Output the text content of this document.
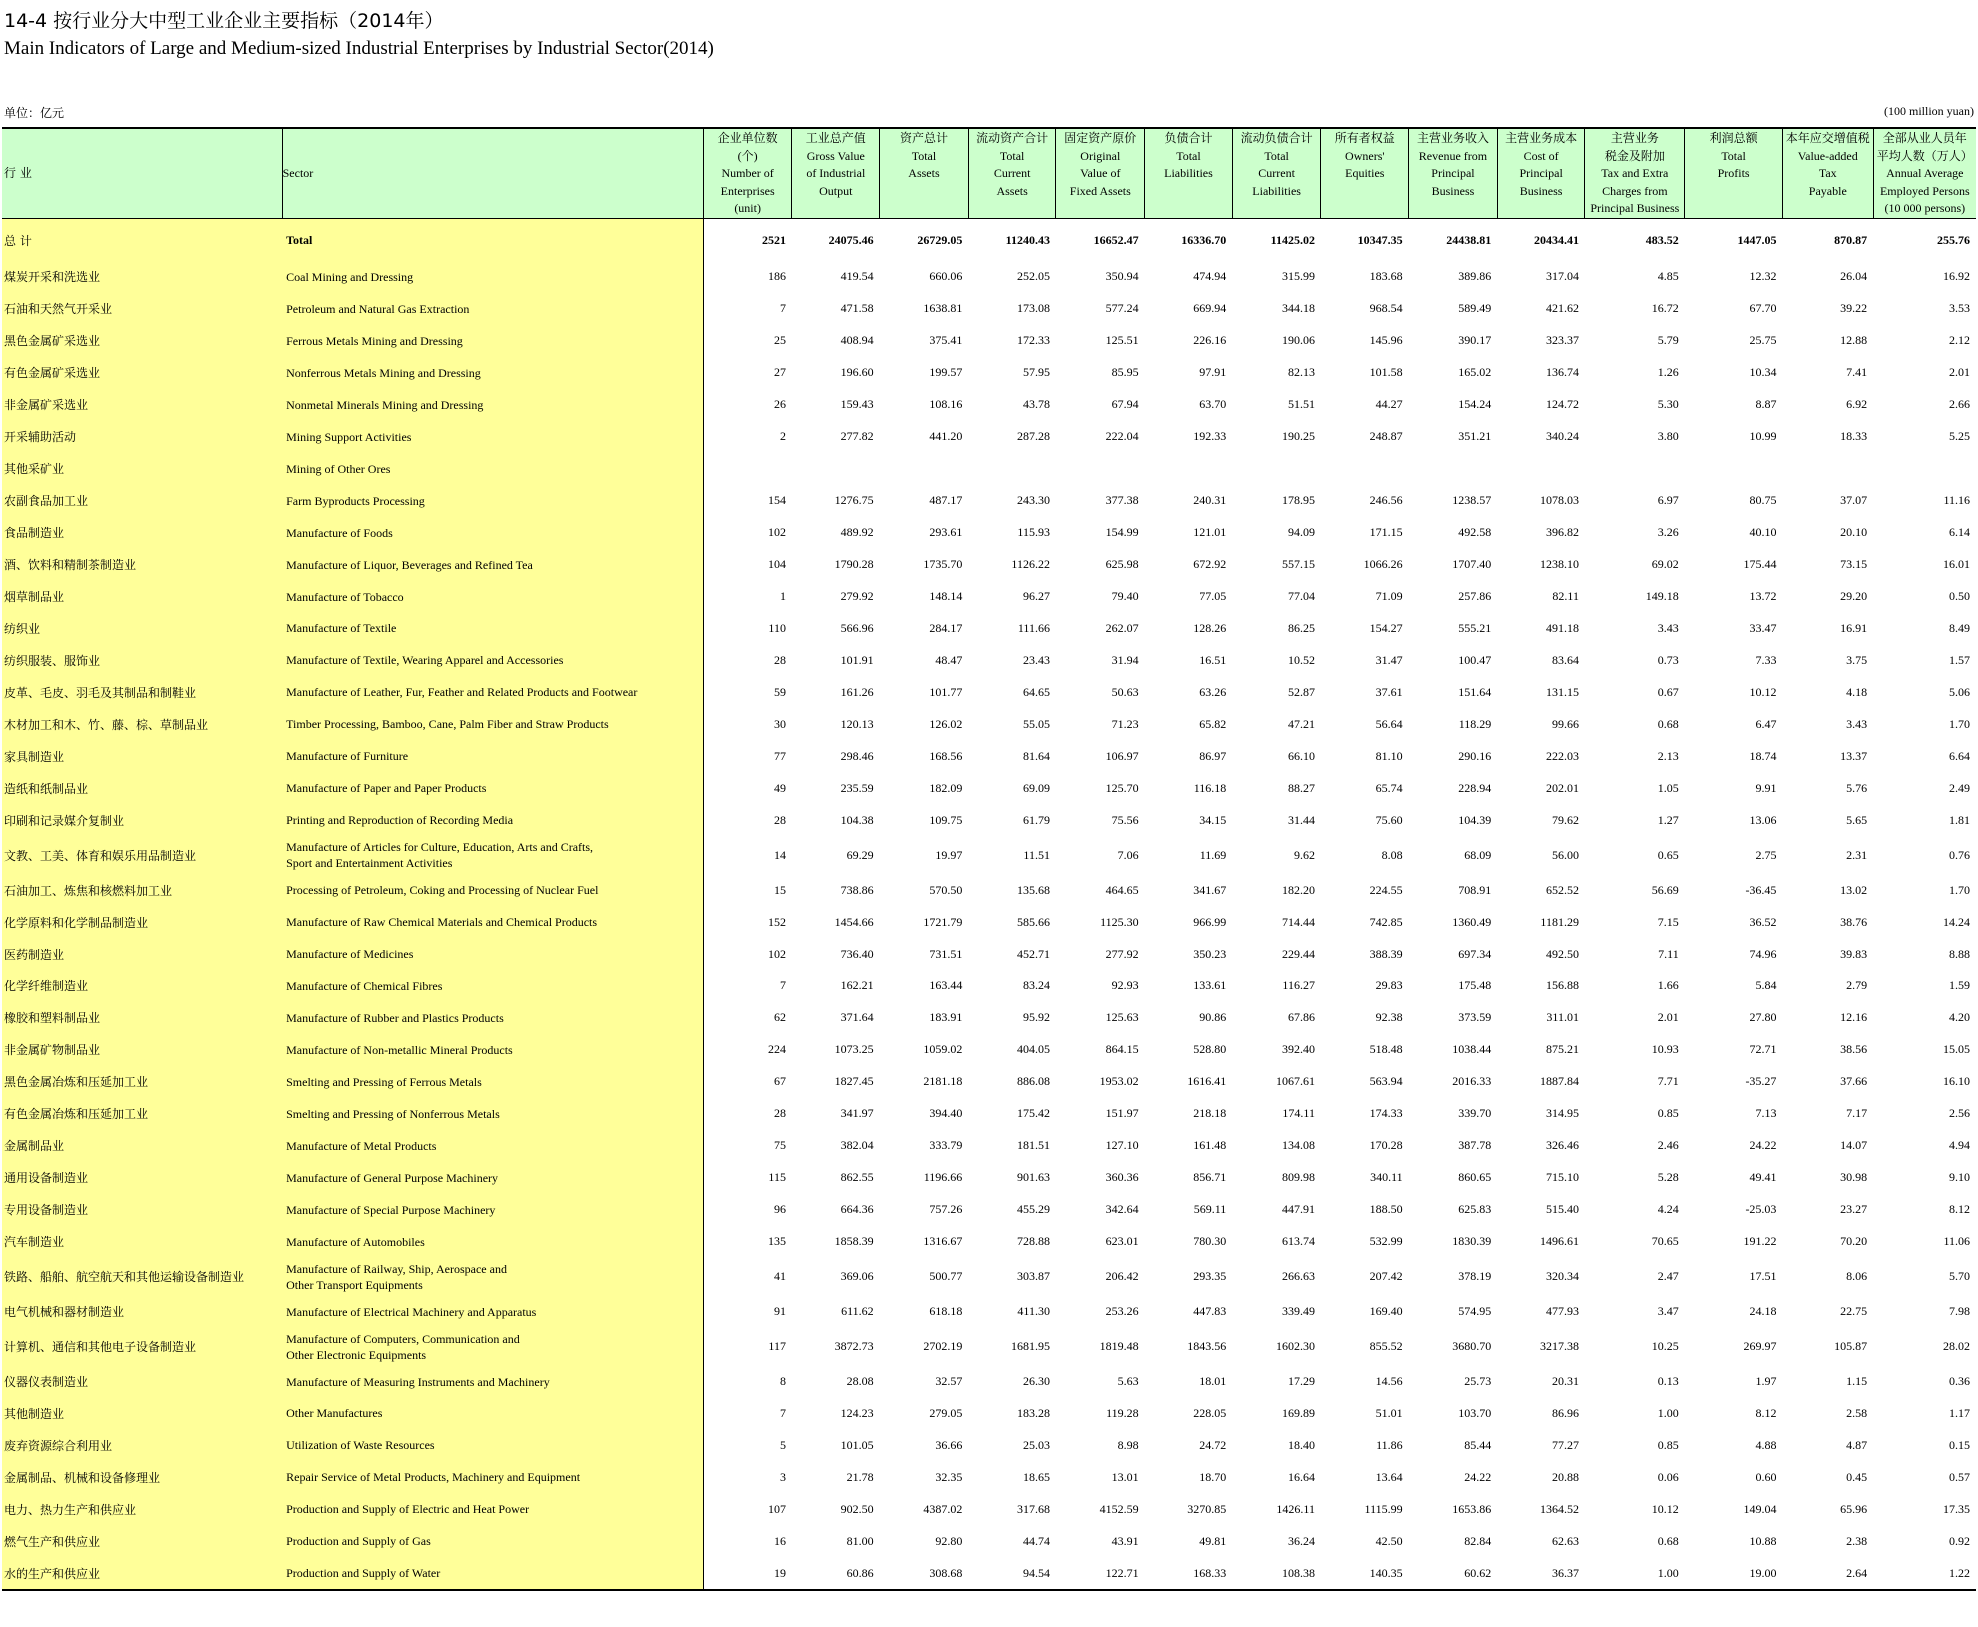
14-4 按行业分大中型工业企业主要指标（2014年）
Main Indicators of Large and Medium-sized Industrial Enterprises by Industrial Sector(2014)
单位：亿元	(100 million yuan)
行 业	Sector	企业单位数
(个)
Number of
Enterprises
(unit)	工业总产值
Gross Value
of Industrial
Output	资产总计
Total
Assets	流动资产合计
Total
Current
Assets	固定资产原价
Original
Value of
Fixed Assets	负债合计
Total
Liabilities	流动负债合计
Total
Current
Liabilities	所有者权益
Owners'
Equities	主营业务收入
Revenue from
Principal
Business	主营业务成本
Cost of
Principal
Business	主营业务
税金及附加
Tax and Extra
Charges from
Principal Business	利润总额
Total
Profits	本年应交增值税
Value-added
Tax
Payable	全部从业人员年
平均人数（万人）
Annual Average
Employed Persons
(10 000 persons)
总 计	Total	2521	24075.46	26729.05	11240.43	16652.47	16336.70	11425.02	10347.35	24438.81	20434.41	483.52	1447.05	870.87	255.76
煤炭开采和洗选业	Coal Mining and Dressing	186	419.54	660.06	252.05	350.94	474.94	315.99	183.68	389.86	317.04	4.85	12.32	26.04	16.92
石油和天然气开采业	Petroleum and Natural Gas Extraction	7	471.58	1638.81	173.08	577.24	669.94	344.18	968.54	589.49	421.62	16.72	67.70	39.22	3.53
黑色金属矿采选业	Ferrous Metals Mining and Dressing	25	408.94	375.41	172.33	125.51	226.16	190.06	145.96	390.17	323.37	5.79	25.75	12.88	2.12
有色金属矿采选业	Nonferrous Metals Mining and Dressing	27	196.60	199.57	57.95	85.95	97.91	82.13	101.58	165.02	136.74	1.26	10.34	7.41	2.01
非金属矿采选业	Nonmetal Minerals Mining and Dressing	26	159.43	108.16	43.78	67.94	63.70	51.51	44.27	154.24	124.72	5.30	8.87	6.92	2.66
开采辅助活动	Mining Support Activities	2	277.82	441.20	287.28	222.04	192.33	190.25	248.87	351.21	340.24	3.80	10.99	18.33	5.25
其他采矿业	Mining of Other Ores														
农副食品加工业	Farm Byproducts Processing	154	1276.75	487.17	243.30	377.38	240.31	178.95	246.56	1238.57	1078.03	6.97	80.75	37.07	11.16
食品制造业	Manufacture of Foods	102	489.92	293.61	115.93	154.99	121.01	94.09	171.15	492.58	396.82	3.26	40.10	20.10	6.14
酒、饮料和精制茶制造业	Manufacture of Liquor, Beverages and Refined Tea	104	1790.28	1735.70	1126.22	625.98	672.92	557.15	1066.26	1707.40	1238.10	69.02	175.44	73.15	16.01
烟草制品业	Manufacture of Tobacco	1	279.92	148.14	96.27	79.40	77.05	77.04	71.09	257.86	82.11	149.18	13.72	29.20	0.50
纺织业	Manufacture of Textile	110	566.96	284.17	111.66	262.07	128.26	86.25	154.27	555.21	491.18	3.43	33.47	16.91	8.49
纺织服装、服饰业	Manufacture of Textile, Wearing Apparel and Accessories	28	101.91	48.47	23.43	31.94	16.51	10.52	31.47	100.47	83.64	0.73	7.33	3.75	1.57
皮革、毛皮、羽毛及其制品和制鞋业	Manufacture of Leather, Fur, Feather and Related Products and Footwear	59	161.26	101.77	64.65	50.63	63.26	52.87	37.61	151.64	131.15	0.67	10.12	4.18	5.06
木材加工和木、竹、藤、棕、草制品业	Timber Processing, Bamboo, Cane, Palm Fiber and Straw Products	30	120.13	126.02	55.05	71.23	65.82	47.21	56.64	118.29	99.66	0.68	6.47	3.43	1.70
家具制造业	Manufacture of Furniture	77	298.46	168.56	81.64	106.97	86.97	66.10	81.10	290.16	222.03	2.13	18.74	13.37	6.64
造纸和纸制品业	Manufacture of Paper and Paper Products	49	235.59	182.09	69.09	125.70	116.18	88.27	65.74	228.94	202.01	1.05	9.91	5.76	2.49
印刷和记录媒介复制业	Printing and Reproduction of Recording Media	28	104.38	109.75	61.79	75.56	34.15	31.44	75.60	104.39	79.62	1.27	13.06	5.65	1.81
文教、工美、体育和娱乐用品制造业	Manufacture of Articles for Culture, Education, Arts and Crafts,
Sport and Entertainment Activities	14	69.29	19.97	11.51	7.06	11.69	9.62	8.08	68.09	56.00	0.65	2.75	2.31	0.76
石油加工、炼焦和核燃料加工业	Processing of Petroleum, Coking and Processing of Nuclear Fuel	15	738.86	570.50	135.68	464.65	341.67	182.20	224.55	708.91	652.52	56.69	-36.45	13.02	1.70
化学原料和化学制品制造业	Manufacture of Raw Chemical Materials and Chemical Products	152	1454.66	1721.79	585.66	1125.30	966.99	714.44	742.85	1360.49	1181.29	7.15	36.52	38.76	14.24
医药制造业	Manufacture of Medicines	102	736.40	731.51	452.71	277.92	350.23	229.44	388.39	697.34	492.50	7.11	74.96	39.83	8.88
化学纤维制造业	Manufacture of Chemical Fibres	7	162.21	163.44	83.24	92.93	133.61	116.27	29.83	175.48	156.88	1.66	5.84	2.79	1.59
橡胶和塑料制品业	Manufacture of Rubber and Plastics Products	62	371.64	183.91	95.92	125.63	90.86	67.86	92.38	373.59	311.01	2.01	27.80	12.16	4.20
非金属矿物制品业	Manufacture of Non-metallic Mineral Products	224	1073.25	1059.02	404.05	864.15	528.80	392.40	518.48	1038.44	875.21	10.93	72.71	38.56	15.05
黑色金属冶炼和压延加工业	Smelting and Pressing of Ferrous Metals	67	1827.45	2181.18	886.08	1953.02	1616.41	1067.61	563.94	2016.33	1887.84	7.71	-35.27	37.66	16.10
有色金属冶炼和压延加工业	Smelting and Pressing of Nonferrous Metals	28	341.97	394.40	175.42	151.97	218.18	174.11	174.33	339.70	314.95	0.85	7.13	7.17	2.56
金属制品业	Manufacture of Metal Products	75	382.04	333.79	181.51	127.10	161.48	134.08	170.28	387.78	326.46	2.46	24.22	14.07	4.94
通用设备制造业	Manufacture of General Purpose Machinery	115	862.55	1196.66	901.63	360.36	856.71	809.98	340.11	860.65	715.10	5.28	49.41	30.98	9.10
专用设备制造业	Manufacture of Special Purpose Machinery	96	664.36	757.26	455.29	342.64	569.11	447.91	188.50	625.83	515.40	4.24	-25.03	23.27	8.12
汽车制造业	Manufacture of Automobiles	135	1858.39	1316.67	728.88	623.01	780.30	613.74	532.99	1830.39	1496.61	70.65	191.22	70.20	11.06
铁路、船舶、航空航天和其他运输设备制造业	Manufacture of Railway, Ship, Aerospace and
Other Transport Equipments	41	369.06	500.77	303.87	206.42	293.35	266.63	207.42	378.19	320.34	2.47	17.51	8.06	5.70
电气机械和器材制造业	Manufacture of Electrical Machinery and Apparatus	91	611.62	618.18	411.30	253.26	447.83	339.49	169.40	574.95	477.93	3.47	24.18	22.75	7.98
计算机、通信和其他电子设备制造业	Manufacture of Computers, Communication and
Other Electronic Equipments	117	3872.73	2702.19	1681.95	1819.48	1843.56	1602.30	855.52	3680.70	3217.38	10.25	269.97	105.87	28.02
仪器仪表制造业	Manufacture of Measuring Instruments and Machinery	8	28.08	32.57	26.30	5.63	18.01	17.29	14.56	25.73	20.31	0.13	1.97	1.15	0.36
其他制造业	Other Manufactures	7	124.23	279.05	183.28	119.28	228.05	169.89	51.01	103.70	86.96	1.00	8.12	2.58	1.17
废弃资源综合利用业	Utilization of Waste Resources	5	101.05	36.66	25.03	8.98	24.72	18.40	11.86	85.44	77.27	0.85	4.88	4.87	0.15
金属制品、机械和设备修理业	Repair Service of Metal Products, Machinery and Equipment	3	21.78	32.35	18.65	13.01	18.70	16.64	13.64	24.22	20.88	0.06	0.60	0.45	0.57
电力、热力生产和供应业	Production and Supply of Electric and Heat Power	107	902.50	4387.02	317.68	4152.59	3270.85	1426.11	1115.99	1653.86	1364.52	10.12	149.04	65.96	17.35
燃气生产和供应业	Production and Supply of Gas	16	81.00	92.80	44.74	43.91	49.81	36.24	42.50	82.84	62.63	0.68	10.88	2.38	0.92
水的生产和供应业	Production and Supply of Water	19	60.86	308.68	94.54	122.71	168.33	108.38	140.35	60.62	36.37	1.00	19.00	2.64	1.22
